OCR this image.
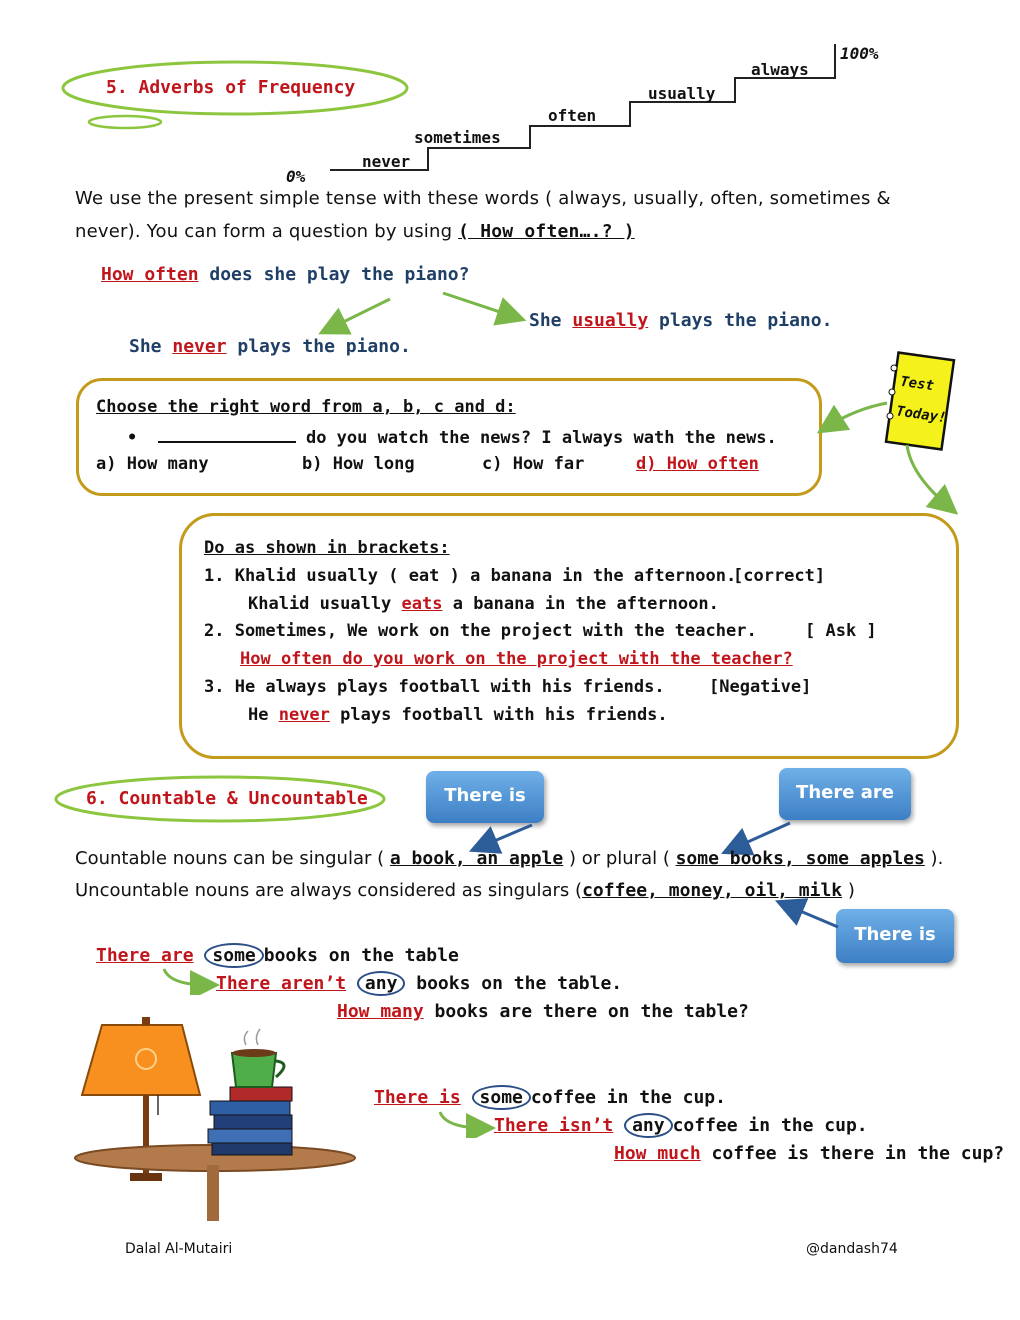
5. Adverbs of Frequency
never
sometimes
often
usually
always
0%
100%
We use the present simple tense with these words ( always, usually, often, sometimes &
never). You can form a question by using ( How often….? )
How often does she play the piano?
She usually plays the piano.
She never plays the piano.
Choose the right word from a, b, c and d:
•	do you watch the news? I always wath the news.
a) How many	b) How long	c) How far	d) How often
Test
Today!
Do as shown in brackets:
1. Khalid usually ( eat ) a banana in the afternoon.
[correct]
Khalid usually eats a banana in the afternoon.
2. Sometimes, We work on the project with the teacher.	[ Ask ]
How often do you work on the project with the teacher?
3. He always plays football with his friends.	[Negative]
He never plays football with his friends.
6. Countable & Uncountable	There is	There are
There is
Countable nouns can be singular ( a book, an apple ) or plural ( some books, some apples ).
Uncountable nouns are always considered as singulars (coffee, money, oil, milk )
There are some books on the table
There aren’t any books on the table.
How many books are there on the table?
There is some coffee in the cup.
There isn’t any coffee in the cup.
How much coffee is there in the cup?
Dalal Al-Mutairi	@dandash74
